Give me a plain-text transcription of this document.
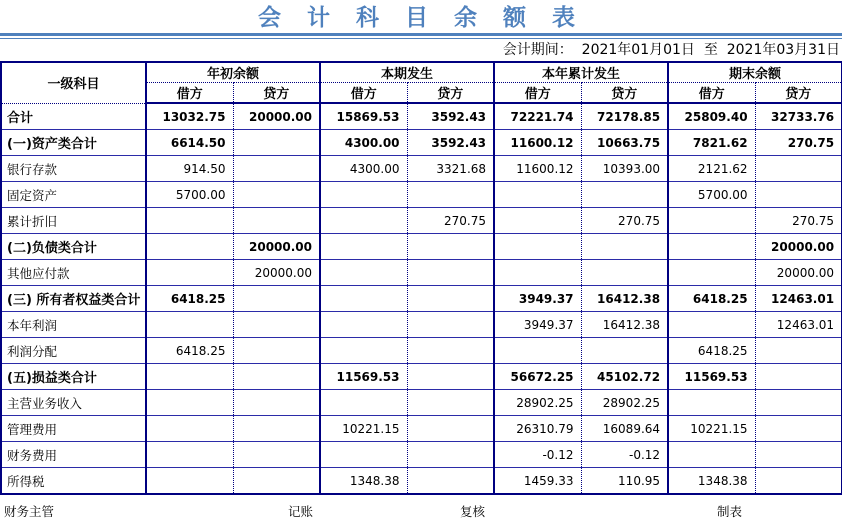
会 计 科 目 余 额 表
会计期间：  2021年01月01日  至  2021年03月31日
一级科目	年初余额		本期发生		本年累计发生		期末余额	
	借方	贷方	借方	贷方	借方	贷方	借方	贷方
合计	13032.75	20000.00	15869.53	3592.43	72221.74	72178.85	25809.40	32733.76
(一)资产类合计	6614.50		4300.00	3592.43	11600.12	10663.75	7821.62	270.75
银行存款	914.50		4300.00	3321.68	11600.12	10393.00	2121.62	
固定资产	5700.00						5700.00	
累计折旧				270.75		270.75		270.75
(二)负债类合计		20000.00						20000.00
其他应付款		20000.00						20000.00
(三) 所有者权益类合计	6418.25				3949.37	16412.38	6418.25	12463.01
本年利润					3949.37	16412.38		12463.01
利润分配	6418.25						6418.25	
(五)损益类合计			11569.53		56672.25	45102.72	11569.53	
主营业务收入					28902.25	28902.25		
管理费用			10221.15		26310.79	16089.64	10221.15	
财务费用					-0.12	-0.12		
所得税			1348.38		1459.33	110.95	1348.38	
财务主管	记账	复核	制表
